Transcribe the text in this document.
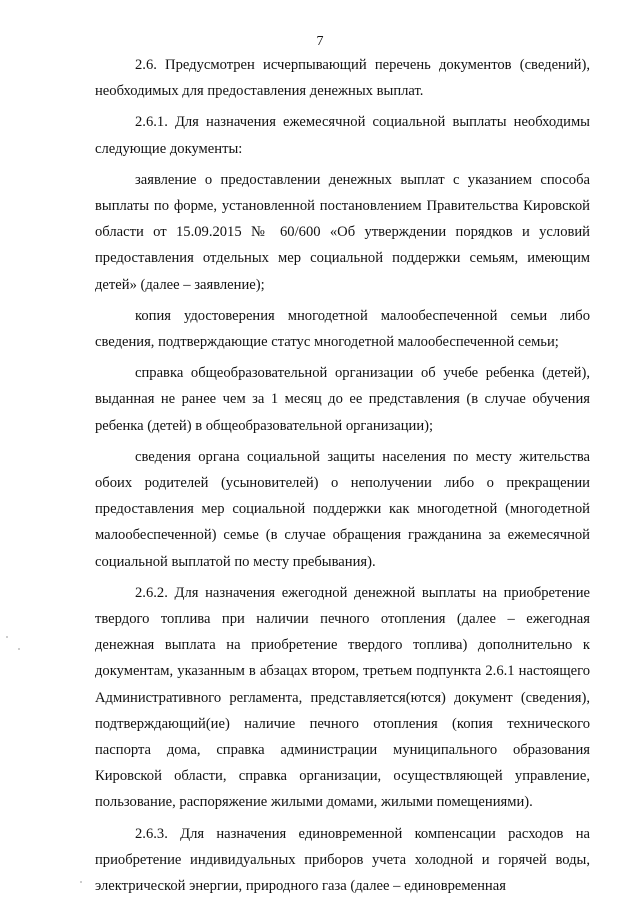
7

2.6. Предусмотрен исчерпывающий перечень документов (сведений), необходимых для предоставления денежных выплат.

2.6.1. Для назначения ежемесячной социальной выплаты необходимы следующие документы:

заявление о предоставлении денежных выплат с указанием способа выплаты по форме, установленной постановлением Правительства Кировской области от 15.09.2015 № 60/600 «Об утверждении порядков и условий предоставления отдельных мер социальной поддержки семьям, имеющим детей» (далее – заявление);

копия удостоверения многодетной малообеспеченной семьи либо сведения, подтверждающие статус многодетной малообеспеченной семьи;

справка общеобразовательной организации об учебе ребенка (детей), выданная не ранее чем за 1 месяц до ее представления (в случае обучения ребенка (детей) в общеобразовательной организации);

сведения органа социальной защиты населения по месту жительства обоих родителей (усыновителей) о неполучении либо о прекращении предоставления мер социальной поддержки как многодетной (многодетной малообеспеченной) семье (в случае обращения гражданина за ежемесячной социальной выплатой по месту пребывания).

2.6.2. Для назначения ежегодной денежной выплаты на приобретение твердого топлива при наличии печного отопления (далее – ежегодная денежная выплата на приобретение твердого топлива) дополнительно к документам, указанным в абзацах втором, третьем подпункта 2.6.1 настоящего Административного регламента, представляется(ются) документ (сведения), подтверждающий(ие) наличие печного отопления (копия технического паспорта дома, справка администрации муниципального образования Кировской области, справка организации, осуществляющей управление, пользование, распоряжение жилыми домами, жилыми помещениями).

2.6.3. Для назначения единовременной компенсации расходов на приобретение индивидуальных приборов учета холодной и горячей воды, электрической энергии, природного газа (далее – единовременная
